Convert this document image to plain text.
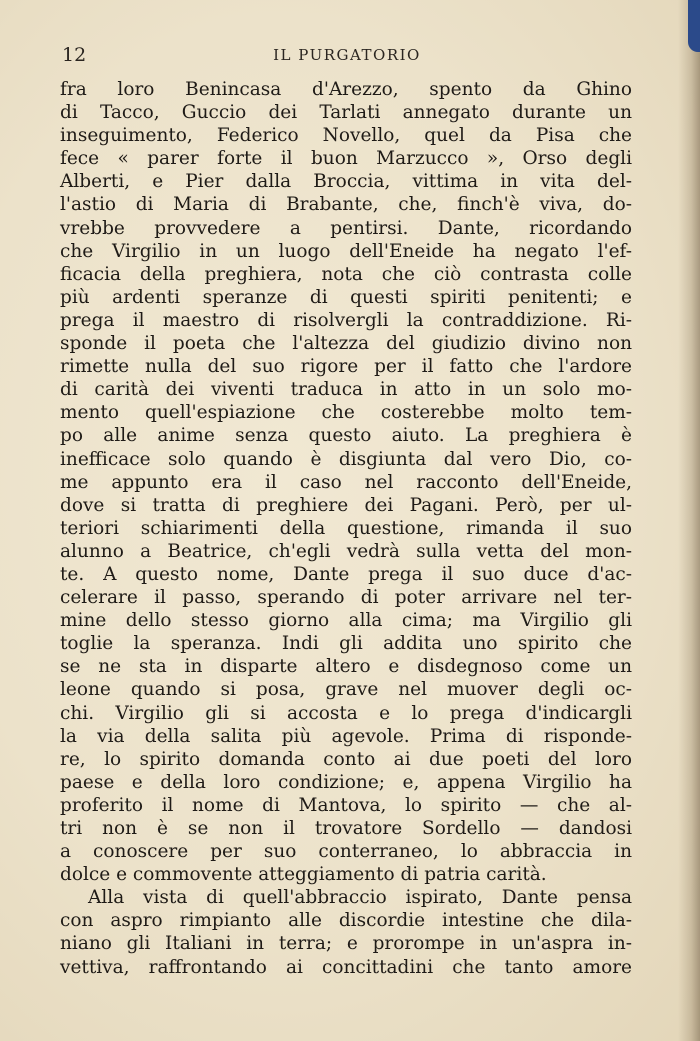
12	IL PURGATORIO
fra loro Benincasa d'Arezzo, spento da Ghino
di Tacco, Guccio dei Tarlati annegato durante un
inseguimento, Federico Novello, quel da Pisa che
fece « parer forte il buon Marzucco », Orso degli
Alberti, e Pier dalla Broccia, vittima in vita del-
l'astio di Maria di Brabante, che, finch'è viva, do-
vrebbe provvedere a pentirsi. Dante, ricordando
che Virgilio in un luogo dell'Eneide ha negato l'ef-
ficacia della preghiera, nota che ciò contrasta colle
più ardenti speranze di questi spiriti penitenti; e
prega il maestro di risolvergli la contraddizione. Ri-
sponde il poeta che l'altezza del giudizio divino non
rimette nulla del suo rigore per il fatto che l'ardore
di carità dei viventi traduca in atto in un solo mo-
mento quell'espiazione che costerebbe molto tem-
po alle anime senza questo aiuto. La preghiera è
inefficace solo quando è disgiunta dal vero Dio, co-
me appunto era il caso nel racconto dell'Eneide,
dove si tratta di preghiere dei Pagani. Però, per ul-
teriori schiarimenti della questione, rimanda il suo
alunno a Beatrice, ch'egli vedrà sulla vetta del mon-
te. A questo nome, Dante prega il suo duce d'ac-
celerare il passo, sperando di poter arrivare nel ter-
mine dello stesso giorno alla cima; ma Virgilio gli
toglie la speranza. Indi gli addita uno spirito che
se ne sta in disparte altero e disdegnoso come un
leone quando si posa, grave nel muover degli oc-
chi. Virgilio gli si accosta e lo prega d'indicargli
la via della salita più agevole. Prima di risponde-
re, lo spirito domanda conto ai due poeti del loro
paese e della loro condizione; e, appena Virgilio ha
proferito il nome di Mantova, lo spirito — che al-
tri non è se non il trovatore Sordello — dandosi
a conoscere per suo conterraneo, lo abbraccia in
dolce e commovente atteggiamento di patria carità.
Alla vista di quell'abbraccio ispirato, Dante pensa
con aspro rimpianto alle discordie intestine che dila-
niano gli Italiani in terra; e prorompe in un'aspra in-
vettiva, raffrontando ai concittadini che tanto amore
